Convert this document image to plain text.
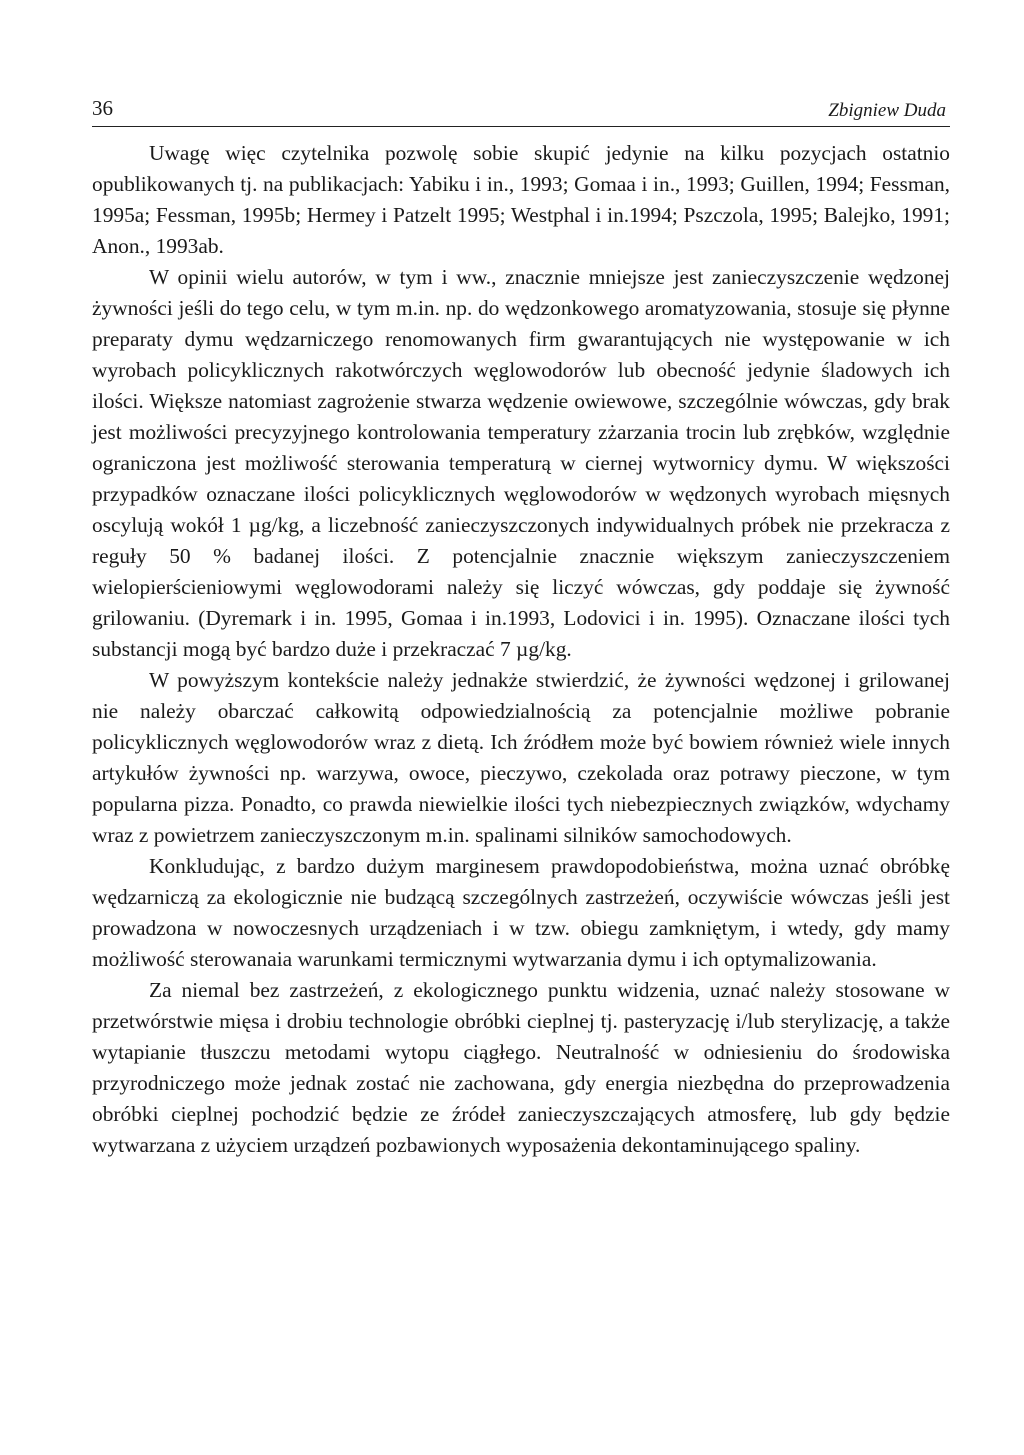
36	Zbigniew Duda

Uwagę więc czytelnika pozwolę sobie skupić jedynie na kilku pozycjach ostatnio opublikowanych tj. na publikacjach: Yabiku i in., 1993; Gomaa i in., 1993; Guillen, 1994; Fessman, 1995a; Fessman, 1995b; Hermey i Patzelt 1995; Westphal i in.1994; Pszczola, 1995; Balejko, 1991; Anon., 1993ab.

W opinii wielu autorów, w tym i ww., znacznie mniejsze jest zanieczyszczenie wędzonej żywności jeśli do tego celu, w tym m.in. np. do wędzonkowego aromatyzowania, stosuje się płynne preparaty dymu wędzarniczego renomowanych firm gwarantujących nie występowanie w ich wyrobach policyklicznych rakotwórczych węglowodorów lub obecność jedynie śladowych ich ilości. Większe natomiast zagrożenie stwarza wędzenie owiewowe, szczególnie wówczas, gdy brak jest możliwości precyzyjnego kontrolowania temperatury zżarzania trocin lub zrębków, względnie ograniczona jest możliwość sterowania temperaturą w ciernej wytwornicy dymu. W większości przypadków oznaczane ilości policyklicznych węglowodorów w wędzonych wyrobach mięsnych oscylują wokół 1 µg/kg, a liczebność zanieczyszczonych indywidualnych próbek nie przekracza z reguły 50 % badanej ilości. Z potencjalnie znacznie większym zanieczyszczeniem wielopierścieniowymi węglowodorami należy się liczyć wówczas, gdy poddaje się żywność grilowaniu. (Dyremark i in. 1995, Gomaa i in.1993, Lodovici i in. 1995). Oznaczane ilości tych substancji mogą być bardzo duże i przekraczać 7 µg/kg.

W powyższym kontekście należy jednakże stwierdzić, że żywności wędzonej i grilowanej nie należy obarczać całkowitą odpowiedzialnością za potencjalnie możliwe pobranie policyklicznych węglowodorów wraz z dietą. Ich źródłem może być bowiem również wiele innych artykułów żywności np. warzywa, owoce, pieczywo, czekolada oraz potrawy pieczone, w tym popularna pizza. Ponadto, co prawda niewielkie ilości tych niebezpiecznych związków, wdychamy wraz z powietrzem zanieczyszczonym m.in. spalinami silników samochodowych.

Konkludując, z bardzo dużym marginesem prawdopodobieństwa, można uznać obróbkę wędzarniczą za ekologicznie nie budzącą szczególnych zastrzeżeń, oczywiście wówczas jeśli jest prowadzona w nowoczesnych urządzeniach i w tzw. obiegu zamkniętym, i wtedy, gdy mamy możliwość sterowanaia warunkami termicznymi wytwarzania dymu i ich optymalizowania.

Za niemal bez zastrzeżeń, z ekologicznego punktu widzenia, uznać należy stosowane w przetwórstwie mięsa i drobiu technologie obróbki cieplnej tj. pasteryzację i/lub sterylizację, a także wytapianie tłuszczu metodami wytopu ciągłego. Neutralność w odniesieniu do środowiska przyrodniczego może jednak zostać nie zachowana, gdy energia niezbędna do przeprowadzenia obróbki cieplnej pochodzić będzie ze źródeł zanieczyszczających atmosferę, lub gdy będzie wytwarzana z użyciem urządzeń pozbawionych wyposażenia dekontaminującego spaliny.
